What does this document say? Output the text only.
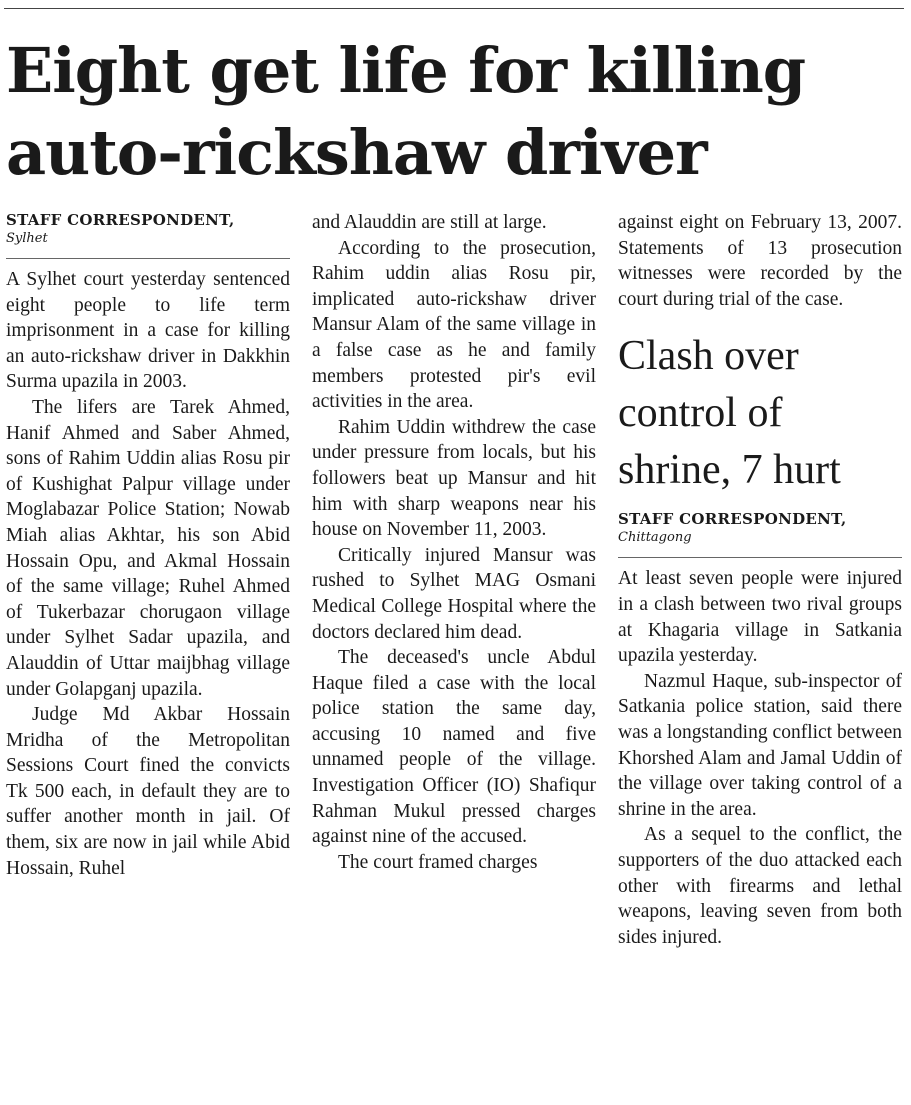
Eight get life for killing auto-rickshaw driver
STAFF CORRESPONDENT,
Sylhet

A Sylhet court yesterday sentenced eight people to life term imprisonment in a case for killing an auto-rickshaw driver in Dakkhin Surma upazila in 2003.

The lifers are Tarek Ahmed, Hanif Ahmed and Saber Ahmed, sons of Rahim Uddin alias Rosu pir of Kushighat Palpur village under Moglabazar Police Station; Nowab Miah alias Akhtar, his son Abid Hossain Opu, and Akmal Hossain of the same village; Ruhel Ahmed of Tukerbazar chorugaon village under Sylhet Sadar upazila, and Alauddin of Uttar maijbhag village under Golapganj upazila.

Judge Md Akbar Hossain Mridha of the Metropolitan Sessions Court fined the convicts Tk 500 each, in default they are to suffer another month in jail. Of them, six are now in jail while Abid Hossain, Ruhel

and Alauddin are still at large.

According to the prosecution, Rahim uddin alias Rosu pir, implicated auto-rickshaw driver Mansur Alam of the same village in a false case as he and family members protested pir's evil activities in the area.

Rahim Uddin withdrew the case under pressure from locals, but his followers beat up Mansur and hit him with sharp weapons near his house on November 11, 2003.

Critically injured Mansur was rushed to Sylhet MAG Osmani Medical College Hospital where the doctors declared him dead.

The deceased's uncle Abdul Haque filed a case with the local police station the same day, accusing 10 named and five unnamed people of the village. Investigation Officer (IO) Shafiqur Rahman Mukul pressed charges against nine of the accused.

The court framed charges

against eight on February 13, 2007. Statements of 13 prosecution witnesses were recorded by the court during trial of the case.

Clash over control of shrine, 7 hurt
STAFF CORRESPONDENT,
Chittagong

At least seven people were injured in a clash between two rival groups at Khagaria village in Satkania upazila yesterday.

Nazmul Haque, sub-inspector of Satkania police station, said there was a longstanding conflict between Khorshed Alam and Jamal Uddin of the village over taking control of a shrine in the area.

As a sequel to the conflict, the supporters of the duo attacked each other with firearms and lethal weapons, leaving seven from both sides injured.
